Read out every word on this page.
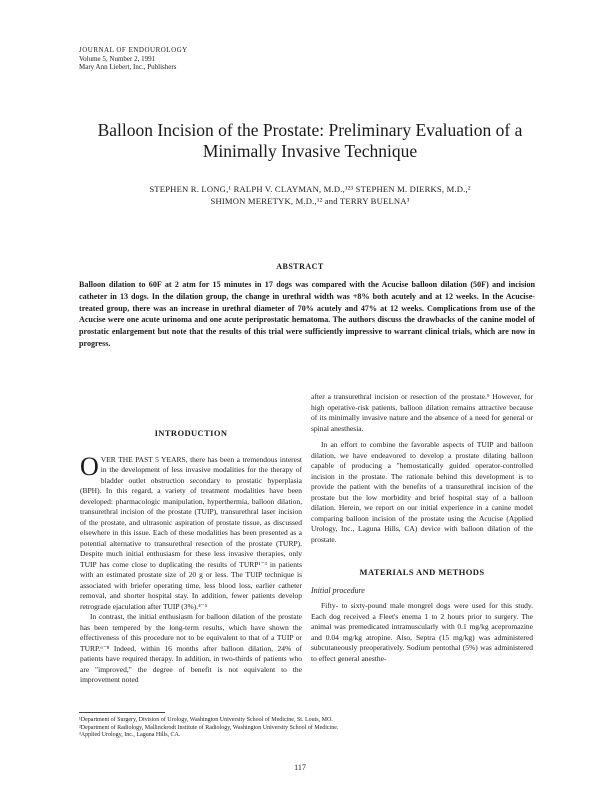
JOURNAL OF ENDOUROLOGY
Volume 5, Number 2, 1991
Mary Ann Liebert, Inc., Publishers
Balloon Incision of the Prostate: Preliminary Evaluation of a Minimally Invasive Technique
STEPHEN R. LONG,¹ RALPH V. CLAYMAN, M.D.,¹²³ STEPHEN M. DIERKS, M.D.,²
SHIMON MERETYK, M.D.,¹² and TERRY BUELNA³
ABSTRACT
Balloon dilation to 60F at 2 atm for 15 minutes in 17 dogs was compared with the Acucise balloon dilation (50F) and incision catheter in 13 dogs. In the dilation group, the change in urethral width was +8% both acutely and at 12 weeks. In the Acucise-treated group, there was an increase in urethral diameter of 70% acutely and 47% at 12 weeks. Complications from use of the Acucise were one acute urinoma and one acute periprostatic hematoma. The authors discuss the drawbacks of the canine model of prostatic enlargement but note that the results of this trial were sufficiently impressive to warrant clinical trials, which are now in progress.
INTRODUCTION

OVER THE PAST 5 YEARS, there has been a tremendous interest in the development of less invasive modalities for the therapy of bladder outlet obstruction secondary to prostatic hyperplasia (BPH). In this regard, a variety of treatment modalities have been developed: pharmacologic manipulation, hyperthermia, balloon dilation, transurethral incision of the prostate (TUIP), transurethral laser incision of the prostate, and ultrasonic aspiration of prostate tissue, as discussed elsewhere in this issue. Each of these modalities has been presented as a potential alternative to transurethral resection of the prostate (TURP). Despite much initial enthusiasm for these less invasive therapies, only TUIP has come close to duplicating the results of TURP¹⁻³ in patients with an estimated prostate size of 20 g or less. The TUIP technique is associated with briefer operating time, less blood loss, earlier catheter removal, and shorter hospital stay. In addition, fewer patients develop retrograde ejaculation after TUIP (3%).⁴⁻⁵

In contrast, the initial enthusiasm for balloon dilation of the prostate has been tempered by the long-term results, which have shown the effectiveness of this procedure not to be equivalent to that of a TUIP or TURP.⁶⁻⁸ Indeed, within 16 months after balloon dilation, 24% of patients have required therapy. In addition, in two-thirds of patients who are "improved," the degree of benefit is not equivalent to the improvement noted

after a transurethral incision or resection of the prostate.⁹ However, for high operative-risk patients, balloon dilation remains attractive because of its minimally invasive nature and the absence of a need for general or spinal anesthesia.

In an effort to combine the favorable aspects of TUIP and balloon dilation, we have endeavored to develop a prostate dilating balloon capable of producing a "hemostatically guided operator-controlled incision in the prostate. The rationale behind this development is to provide the patient with the benefits of a transurethral incision of the prostate but the low morbidity and brief hospital stay of a balloon dilation. Herein, we report on our initial experience in a canine model comparing balloon incision of the prostate using the Acucise (Applied Urology, Inc., Laguna Hills, CA) device with balloon dilation of the prostate.

MATERIALS AND METHODS
Initial procedure

Fifty- to sixty-pound male mongrel dogs were used for this study. Each dog received a Fleet's enema 1 to 2 hours prior to surgery. The animal was premedicated intramuscularly with 0.1 mg/kg acepromazine and 0.04 mg/kg atropine. Also, Septra (15 mg/kg) was administered subcutaneously preoperatively. Sodium pentothal (5%) was administered to effect general anesthe-

¹Department of Surgery, Division of Urology, Washington University School of Medicine, St. Louis, MO.
²Department of Radiology, Mallinckrodt Institute of Radiology, Washington University School of Medicine.
³Applied Urology, Inc., Laguna Hills, CA.
117
